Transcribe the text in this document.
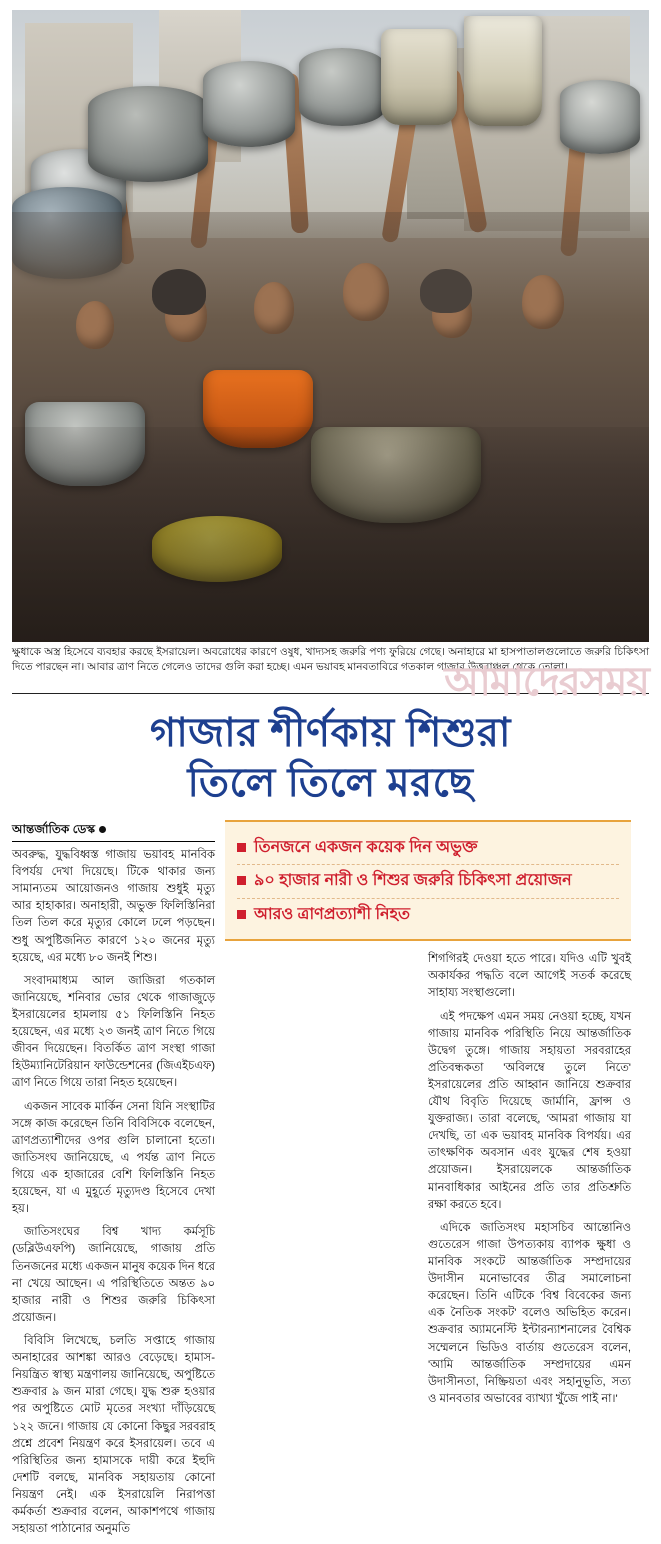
ক্ষুধাকে অস্ত্র হিসেবে ব্যবহার করছে ইসরায়েল। অবরোধের কারণে ওষুধ, খাদ্যসহ জরুরি পণ্য ফুরিয়ে গেছে। অনাহারে মা হাসপাতালগুলোতে জরুরি চিকিৎসা দিতে পারছেন না। আবার ত্রাণ নিতে গেলেও তাদের গুলি করা হচ্ছে। এমন ভয়াবহ মানবতাবিরে গতকাল গাজার উত্তরাঞ্চল থেকে তোলা।
আমাদেরসময়
গাজার শীর্ণকায় শিশুরা
তিলে তিলে মরছে
আন্তর্জাতিক ডেস্ক

অবরুদ্ধ, যুদ্ধবিধ্বস্ত গাজায় ভয়াবহ মানবিক বিপর্যয় দেখা দিয়েছে। টিকে থাকার জন্য সামান্যতম আয়োজনও গাজায় শুধুই মৃত্যু আর হাহাকার। অনাহারী, অভুক্ত ফিলিস্তিনিরা তিল তিল করে মৃত্যুর কোলে ঢলে পড়ছেন। শুধু অপুষ্টিজনিত কারণে ১২০ জনের মৃত্যু হয়েছে, এর মধ্যে ৮০ জনই শিশু।

সংবাদমাধ্যম আল জাজিরা গতকাল জানিয়েছে, শনিবার ভোর থেকে গাজাজুড়ে ইসরায়েলের হামলায় ৫১ ফিলিস্তিনি নিহত হয়েছেন, এর মধ্যে ২৩ জনই ত্রাণ নিতে গিয়ে জীবন দিয়েছেন। বিতর্কিত ত্রাণ সংস্থা গাজা হিউম্যানিটেরিয়ান ফাউন্ডেশনের (জিএইচএফ) ত্রাণ নিতে গিয়ে তারা নিহত হয়েছেন।

একজন সাবেক মার্কিন সেনা যিনি সংস্থাটির সঙ্গে কাজ করেছেন তিনি বিবিসিকে বলেছেন, ত্রাণপ্রত্যাশীদের ওপর গুলি চালানো হতো। জাতিসংঘ জানিয়েছে, এ পর্যন্ত ত্রাণ নিতে গিয়ে এক হাজারের বেশি ফিলিস্তিনি নিহত হয়েছেন, যা এ মুহূর্তে মৃত্যুদণ্ড হিসেবে দেখা হয়।

জাতিসংঘের বিশ্ব খাদ্য কর্মসূচি (ডব্লিউএফপি) জানিয়েছে, গাজায় প্রতি তিনজনের মধ্যে একজন মানুষ কয়েক দিন ধরে না খেয়ে আছেন। এ পরিস্থিতিতে অন্তত ৯০ হাজার নারী ও শিশুর জরুরি চিকিৎসা প্রয়োজন।

বিবিসি লিখেছে, চলতি সপ্তাহে গাজায় অনাহারের আশঙ্কা আরও বেড়েছে। হামাস-নিয়ন্ত্রিত স্বাস্থ্য মন্ত্রণালয় জানিয়েছে, অপুষ্টিতে শুক্রবার ৯ জন মারা গেছে। যুদ্ধ শুরু হওয়ার পর অপুষ্টিতে মোট মৃতের সংখ্যা দাঁড়িয়েছে ১২২ জনে। গাজায় যে কোনো কিছুর সরবরাহ প্রশ্নে প্রবেশ নিয়ন্ত্রণ করে ইসরায়েল। তবে এ পরিস্থিতির জন্য হামাসকে দায়ী করে ইহুদি দেশটি বলছে, মানবিক সহায়তায় কোনো নিয়ন্ত্রণ নেই। এক ইসরায়েলি নিরাপত্তা কর্মকর্তা শুক্রবার বলেন, আকাশপথে গাজায় সহায়তা পাঠানোর অনুমতি

তিনজনে একজন কয়েক দিন অভুক্ত
৯০ হাজার নারী ও শিশুর জরুরি চিকিৎসা প্রয়োজন
আরও ত্রাণপ্রত্যাশী নিহত

শিগগিরই দেওয়া হতে পারে। যদিও এটি খুবই অকার্যকর পদ্ধতি বলে আগেই সতর্ক করেছে সাহায্য সংস্থাগুলো।

এই পদক্ষেপ এমন সময় নেওয়া হচ্ছে, যখন গাজায় মানবিক পরিস্থিতি নিয়ে আন্তর্জাতিক উদ্বেগ তুঙ্গে। গাজায় সহায়তা সরবরাহের প্রতিবন্ধকতা 'অবিলম্বে তুলে নিতে' ইসরায়েলের প্রতি আহ্বান জানিয়ে শুক্রবার যৌথ বিবৃতি দিয়েছে জার্মানি, ফ্রান্স ও যুক্তরাজ্য। তারা বলেছে, 'আমরা গাজায় যা দেখছি, তা এক ভয়াবহ মানবিক বিপর্যয়। এর তাৎক্ষণিক অবসান এবং যুদ্ধের শেষ হওয়া প্রয়োজন। ইসরায়েলকে আন্তর্জাতিক মানবাধিকার আইনের প্রতি তার প্রতিশ্রুতি রক্ষা করতে হবে।

এদিকে জাতিসংঘ মহাসচিব আন্তোনিও গুতেরেস গাজা উপত্যকায় ব্যাপক ক্ষুধা ও মানবিক সংকটে আন্তর্জাতিক সম্প্রদায়ের উদাসীন মনোভাবের তীব্র সমালোচনা করেছেন। তিনি এটিকে 'বিশ্ব বিবেকের জন্য এক নৈতিক সংকট' বলেও অভিহিত করেন। শুক্রবার অ্যামনেস্টি ইন্টারন্যাশনালের বৈশ্বিক সম্মেলনে ভিডিও বার্তায় গুতেরেস বলেন, 'আমি আন্তর্জাতিক সম্প্রদায়ের এমন উদাসীনতা, নিষ্ক্রিয়তা এবং সহানুভূতি, সত্য ও মানবতার অভাবের ব্যাখ্যা খুঁজে পাই না।'
